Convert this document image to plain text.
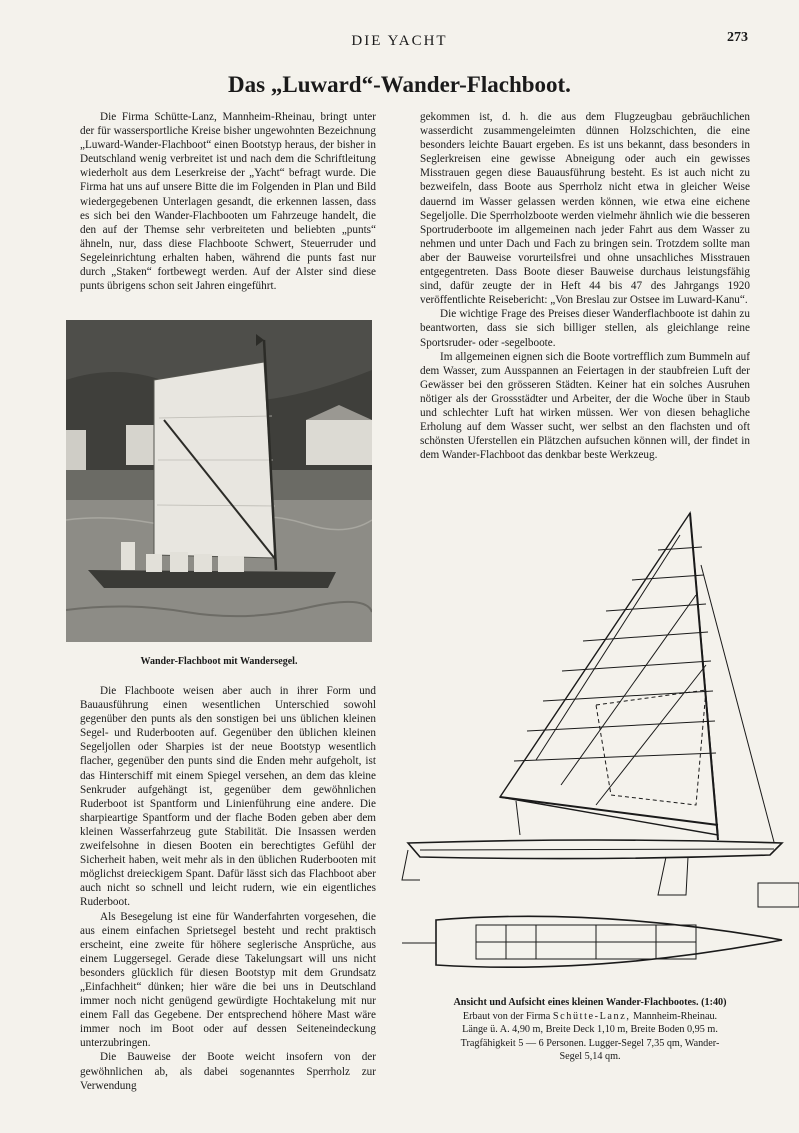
DIE YACHT	273
Das „Luward“-Wander-Flachboot.

Die Firma Schütte-Lanz, Mannheim-Rheinau, bringt unter der für wassersportliche Kreise bisher ungewohnten Bezeichnung „Luward-Wander-Flachboot“ einen Bootstyp heraus, der bisher in Deutschland wenig verbreitet ist und nach dem die Schriftleitung wiederholt aus dem Leserkreise der „Yacht“ befragt wurde. Die Firma hat uns auf unsere Bitte die im Folgenden in Plan und Bild wiedergegebenen Unterlagen gesandt, die erkennen lassen, dass es sich bei den Wander-Flachbooten um Fahrzeuge handelt, die den auf der Themse sehr verbreiteten und beliebten „punts“ ähneln, nur, dass diese Flachboote Schwert, Steuerruder und Segeleinrichtung erhalten haben, während die punts fast nur durch „Staken“ fortbewegt werden. Auf der Alster sind diese punts übrigens schon seit Jahren eingeführt.

Wander-Flachboot mit Wandersegel.

Die Flachboote weisen aber auch in ihrer Form und Bauausführung einen wesentlichen Unterschied sowohl gegenüber den punts als den sonstigen bei uns üblichen kleinen Segel- und Ruderbooten auf. Gegenüber den üblichen kleinen Segeljollen oder Sharpies ist der neue Bootstyp wesentlich flacher, gegenüber den punts sind die Enden mehr aufgeholt, ist das Hinterschiff mit einem Spiegel versehen, an dem das kleine Senkruder aufgehängt ist, gegenüber dem gewöhnlichen Ruderboot ist Spantform und Linienführung eine andere. Die sharpieartige Spantform und der flache Boden geben aber dem kleinen Wasserfahrzeug gute Stabilität. Die Insassen werden zweifelsohne in diesen Booten ein berechtigtes Gefühl der Sicherheit haben, weit mehr als in den üblichen Ruderbooten mit möglichst dreieckigem Spant. Dafür lässt sich das Flachboot aber auch nicht so schnell und leicht rudern, wie ein eigentliches Ruderboot.

Als Besegelung ist eine für Wanderfahrten vorgesehen, die aus einem einfachen Sprietsegel besteht und recht praktisch erscheint, eine zweite für höhere seglerische Ansprüche, aus einem Luggersegel. Gerade diese Takelungsart will uns nicht besonders glücklich für diesen Bootstyp mit dem Grundsatz „Einfachheit“ dünken; hier wäre die bei uns in Deutschland immer noch nicht genügend gewürdigte Hochtakelung mit nur einem Fall das Gegebene. Der entsprechend höhere Mast wäre immer noch im Boot oder auf dessen Seiteneindeckung unterzubringen.

Die Bauweise der Boote weicht insofern von der gewöhnlichen ab, als dabei sogenanntes Sperrholz zur Verwendung

gekommen ist, d. h. die aus dem Flugzeugbau gebräuchlichen wasserdicht zusammengeleimten dünnen Holzschichten, die eine besonders leichte Bauart ergeben. Es ist uns bekannt, dass besonders in Seglerkreisen eine gewisse Abneigung oder auch ein gewisses Misstrauen gegen diese Bauausführung besteht. Es ist auch nicht zu bezweifeln, dass Boote aus Sperrholz nicht etwa in gleicher Weise dauernd im Wasser gelassen werden können, wie etwa eine eichene Segeljolle. Die Sperrholzboote werden vielmehr ähnlich wie die besseren Sportruderboote im allgemeinen nach jeder Fahrt aus dem Wasser zu nehmen und unter Dach und Fach zu bringen sein. Trotzdem sollte man aber der Bauweise vorurteilsfrei und ohne unsachliches Misstrauen entgegentreten. Dass Boote dieser Bauweise durchaus leistungsfähig sind, dafür zeugte der in Heft 44 bis 47 des Jahrgangs 1920 veröffentlichte Reisebericht: „Von Breslau zur Ostsee im Luward-Kanu“.

Die wichtige Frage des Preises dieser Wanderflachboote ist dahin zu beantworten, dass sie sich billiger stellen, als gleichlange reine Sportsruder- oder -segelboote.

Im allgemeinen eignen sich die Boote vortrefflich zum Bummeln auf dem Wasser, zum Ausspannen an Feiertagen in der staubfreien Luft der Gewässer bei den grösseren Städten. Keiner hat ein solches Ausruhen nötiger als der Grossstädter und Arbeiter, der die Woche über in Staub und schlechter Luft hat wirken müssen. Wer von diesen behagliche Erholung auf dem Wasser sucht, wer selbst an den flachsten und oft schönsten Uferstellen ein Plätzchen aufsuchen können will, der findet in dem Wander-Flachboot das denkbar beste Werkzeug.

Ansicht und Aufsicht eines kleinen Wander-Flachbootes. (1:40)
Erbaut von der Firma Schütte-Lanz, Mannheim-Rheinau.
Länge ü. A. 4,90 m, Breite Deck 1,10 m, Breite Boden 0,95 m.
Tragfähigkeit 5 — 6 Personen. Lugger-Segel 7,35 qm, Wander-
Segel 5,14 qm.
